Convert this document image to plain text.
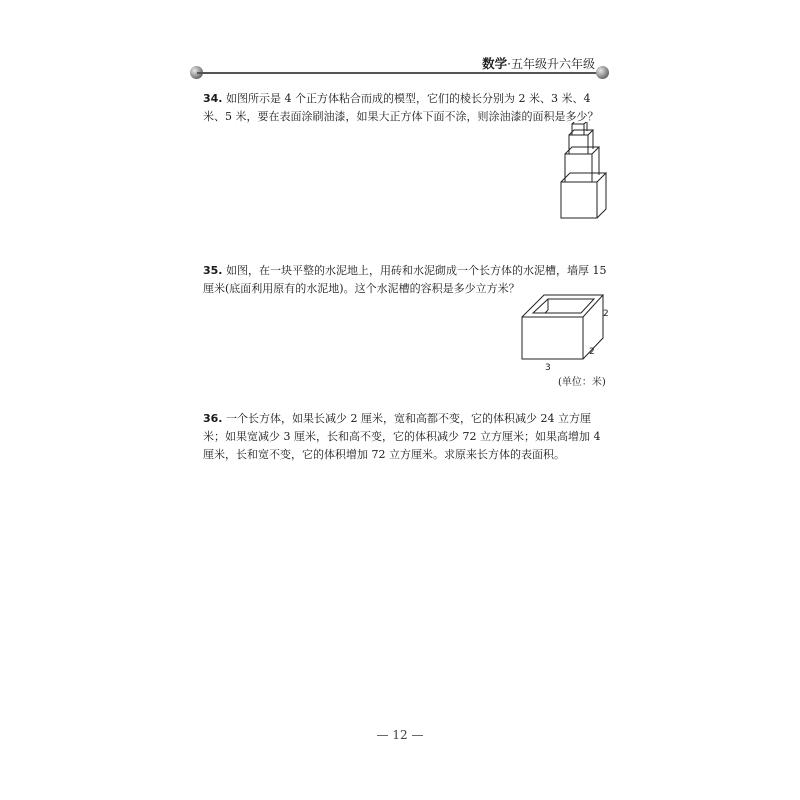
数学·五年级升六年级
34. 如图所示是 4 个正方体粘合而成的模型，它们的棱长分别为 2 米、3 米、4 米、5 米，要在表面涂刷油漆，如果大正方体下面不涂，则涂油漆的面积是多少？
35. 如图，在一块平整的水泥地上，用砖和水泥砌成一个长方体的水泥槽，墙厚 15 厘米(底面利用原有的水泥地)。这个水泥槽的容积是多少立方米？
2
2
3
(单位：米)
36. 一个长方体，如果长减少 2 厘米，宽和高都不变，它的体积减少 24 立方厘米；如果宽减少 3 厘米，长和高不变，它的体积减少 72 立方厘米；如果高增加 4 厘米，长和宽不变，它的体积增加 72 立方厘米。求原来长方体的表面积。
— 12 —
